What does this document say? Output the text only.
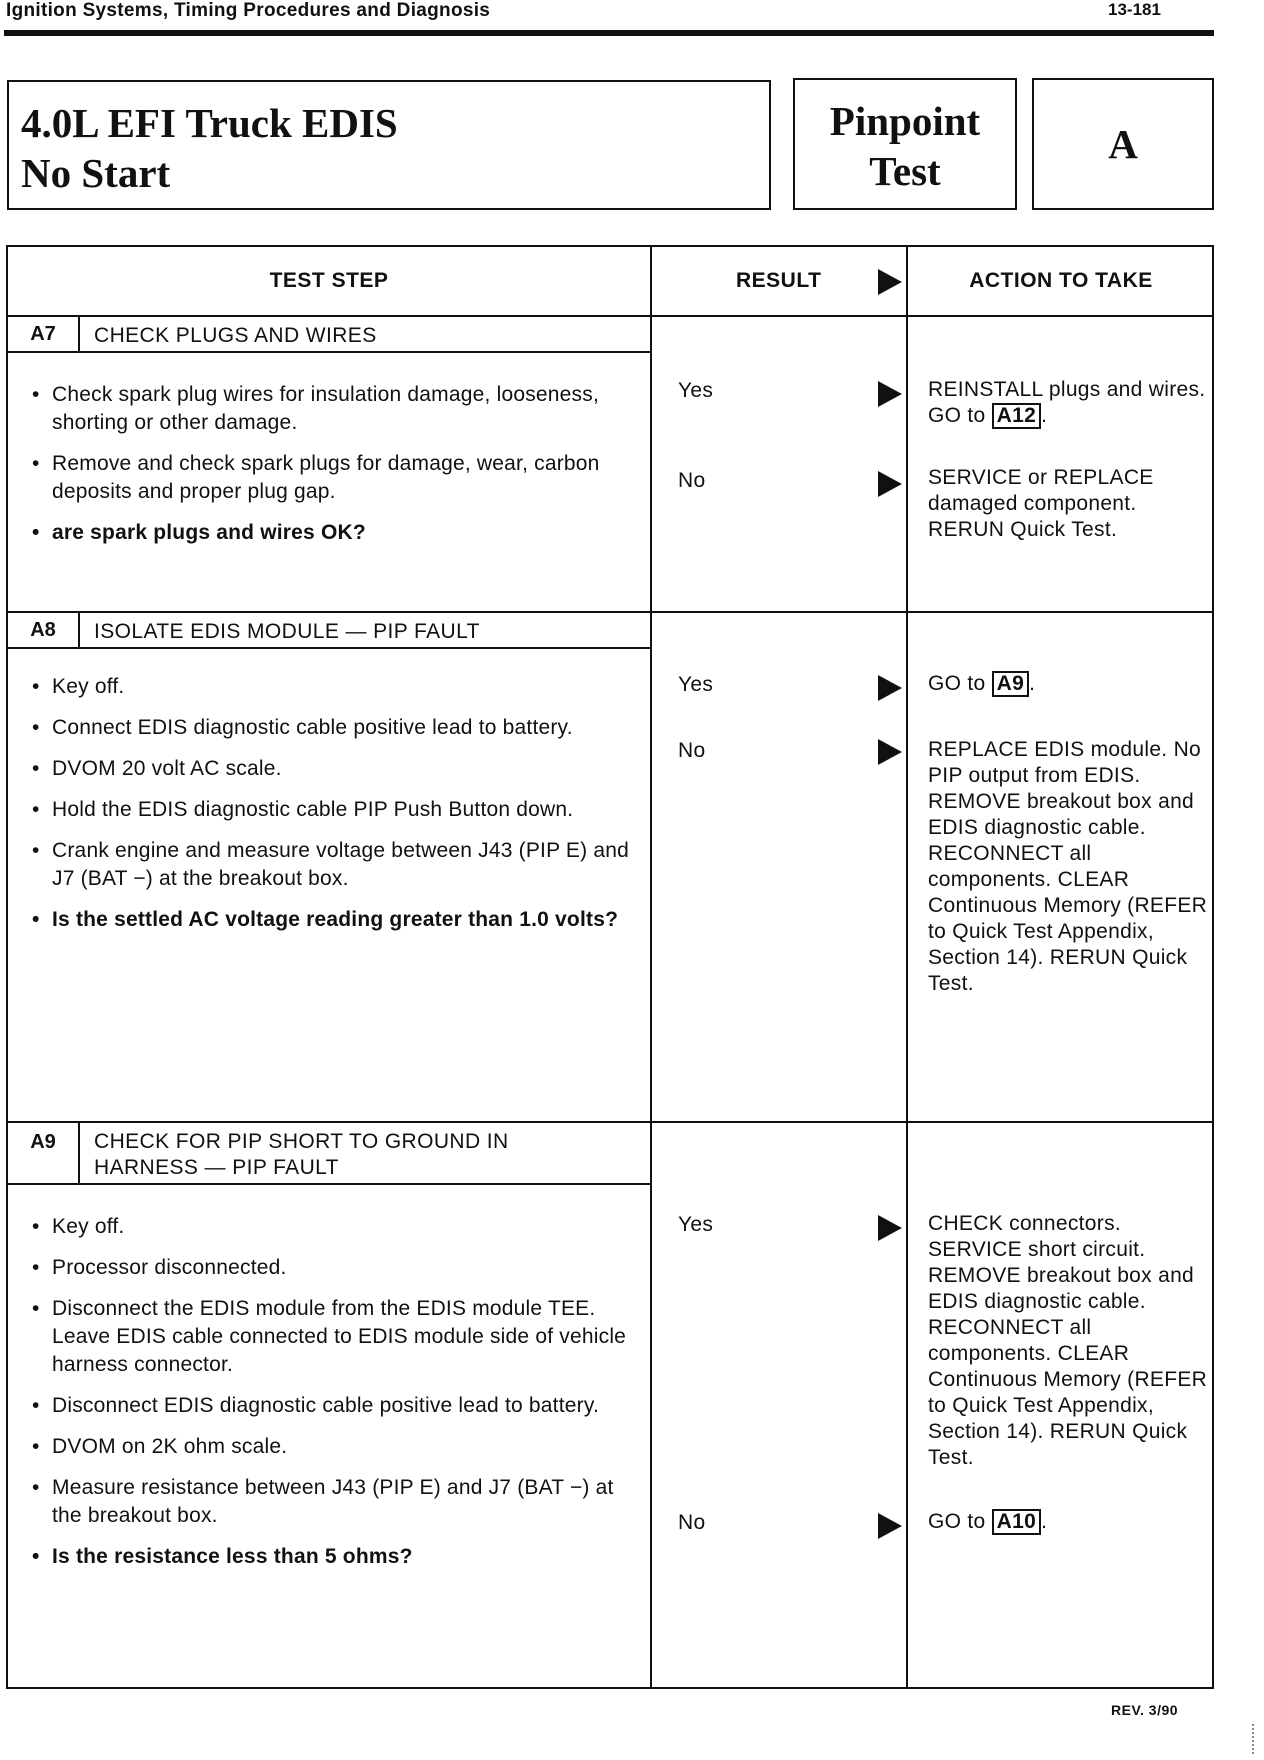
Ignition Systems, Timing Procedures and Diagnosis	13-181
4.0L EFI Truck EDIS
No Start
Pinpoint
Test
A
TEST STEP	RESULT	ACTION TO TAKE
A7	CHECK PLUGS AND WIRES
• Check spark plug wires for insulation damage, looseness, shorting or other damage.
• Remove and check spark plugs for damage, wear, carbon deposits and proper plug gap.
• are spark plugs and wires OK?
Yes	REINSTALL plugs and wires. GO to A12 .
No	SERVICE or REPLACE damaged component. RERUN Quick Test.
A8	ISOLATE EDIS MODULE — PIP FAULT
• Key off.
• Connect EDIS diagnostic cable positive lead to battery.
• DVOM 20 volt AC scale.
• Hold the EDIS diagnostic cable PIP Push Button down.
• Crank engine and measure voltage between J43 (PIP E) and J7 (BAT −) at the breakout box.
• Is the settled AC voltage reading greater than 1.0 volts?
Yes	GO to A9 .
No	REPLACE EDIS module. No PIP output from EDIS. REMOVE breakout box and EDIS diagnostic cable. RECONNECT all components. CLEAR Continuous Memory (REFER to Quick Test Appendix, Section 14). RERUN Quick Test.
A9	CHECK FOR PIP SHORT TO GROUND IN
HARNESS — PIP FAULT
• Key off.
• Processor disconnected.
• Disconnect the EDIS module from the EDIS module TEE. Leave EDIS cable connected to EDIS module side of vehicle harness connector.
• Disconnect EDIS diagnostic cable positive lead to battery.
• DVOM on 2K ohm scale.
• Measure resistance between J43 (PIP E) and J7 (BAT −) at the breakout box.
• Is the resistance less than 5 ohms?
Yes	CHECK connectors. SERVICE short circuit. REMOVE breakout box and EDIS diagnostic cable. RECONNECT all components. CLEAR Continuous Memory (REFER to Quick Test Appendix, Section 14). RERUN Quick Test.
No	GO to A10 .
REV. 3/90
